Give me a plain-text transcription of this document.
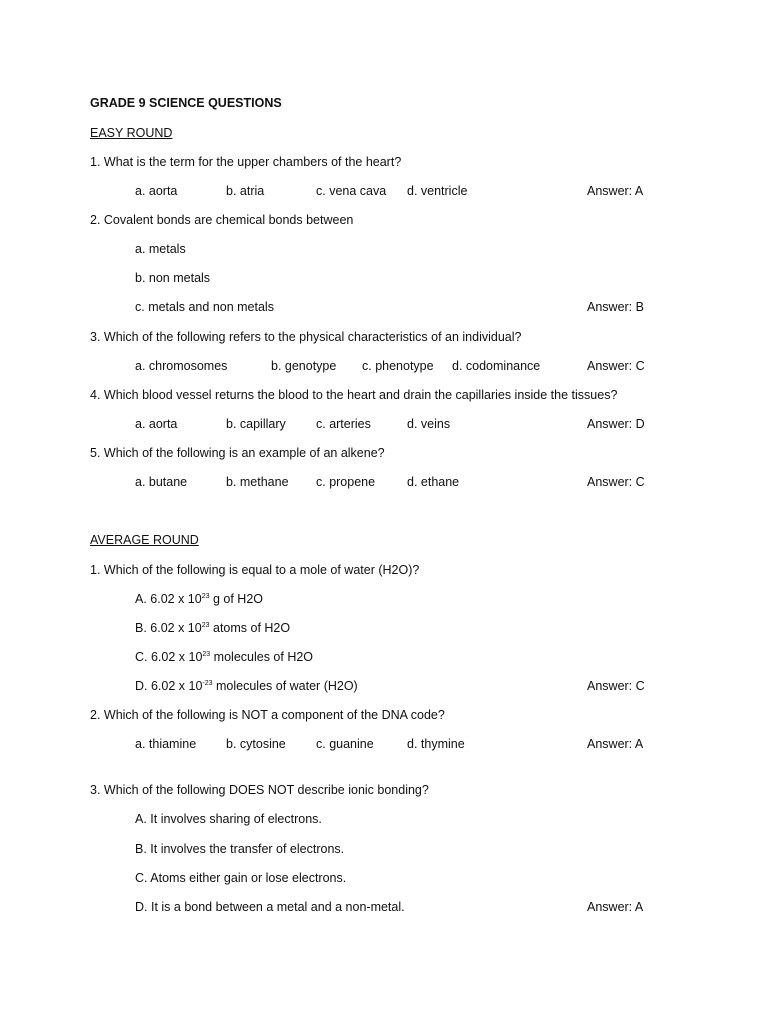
GRADE 9 SCIENCE QUESTIONS
EASY ROUND
1. What is the term for the upper chambers of the heart?
a. aorta	b. atria	c. vena cava d. ventricle	Answer: A
2. Covalent bonds are chemical bonds between
a. metals
b. non metals
c. metals and non metals	Answer: B
3. Which of the following refers to the physical characteristics of an individual?
a. chromosomes	b. genotype c. phenotype d. codominance	Answer: C
4. Which blood vessel returns the blood to the heart and drain the capillaries inside the tissues?
a. aorta	b. capillary c. arteries	d. veins	Answer: D
5. Which of the following is an example of an alkene?
a. butane	b. methane c. propene	d. ethane	Answer: C
AVERAGE ROUND
1. Which of the following is equal to a mole of water (H2O)?
A. 6.02 x $10^{23}$ g of H2O
B. 6.02 x $10^{23}$ atoms of H2O
C. 6.02 x $10^{23}$ molecules of H2O
D. 6.02 x $10^{-23}$ molecules of water (H2O)	Answer: C
2. Which of the following is NOT a component of the DNA code?
a. thiamine b. cytosine c. guanine	d. thymine	Answer: A
3. Which of the following DOES NOT describe ionic bonding?
A. It involves sharing of electrons.
B. It involves the transfer of electrons.
C. Atoms either gain or lose electrons.
D. It is a bond between a metal and a non-metal.	Answer: A
